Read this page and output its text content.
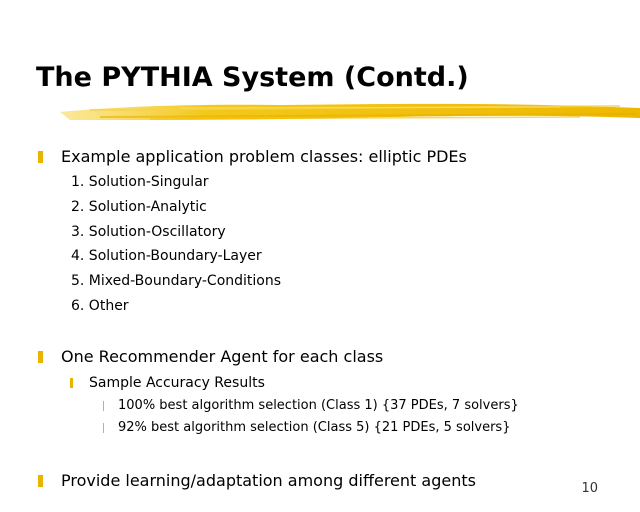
The PYTHIA System (Contd.)
Example application problem classes: elliptic PDEs
1. Solution-Singular
2. Solution-Analytic
3. Solution-Oscillatory
4. Solution-Boundary-Layer
5. Mixed-Boundary-Conditions
6. Other
One Recommender Agent for each class
Sample Accuracy Results
100% best algorithm selection (Class 1) {37 PDEs, 7 solvers}
92% best algorithm selection (Class 5) {21 PDEs, 5 solvers}
Provide learning/adaptation among different agents	10
